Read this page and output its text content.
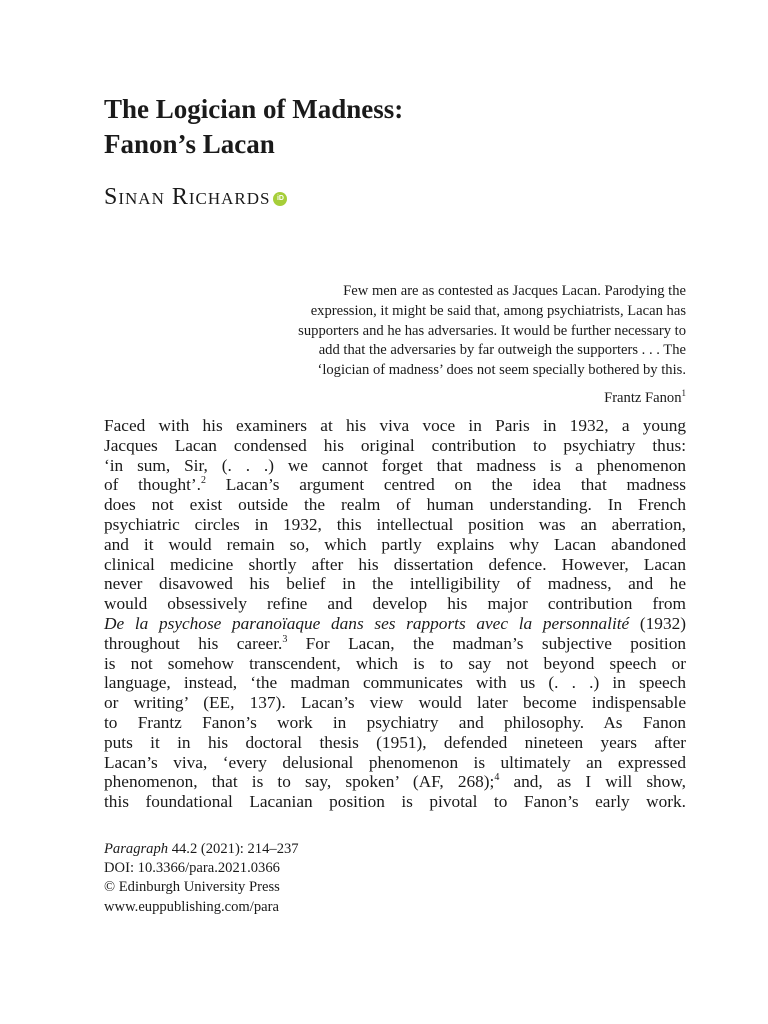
The Logician of Madness:
Fanon’s Lacan
Sinan Richards iD
Few men are as contested as Jacques Lacan. Parodying the
expression, it might be said that, among psychiatrists, Lacan has
supporters and he has adversaries. It would be further necessary to
add that the adversaries by far outweigh the supporters . . . The
‘logician of madness’ does not seem specially bothered by this.
Frantz Fanon$^1$
Faced with his examiners at his viva voce in Paris in 1932, a young
Jacques Lacan condensed his original contribution to psychiatry thus:
‘in sum, Sir, (. . .) we cannot forget that madness is a phenomenon
of thought’.$^2$ Lacan’s argument centred on the idea that madness
does not exist outside the realm of human understanding. In French
psychiatric circles in 1932, this intellectual position was an aberration,
and it would remain so, which partly explains why Lacan abandoned
clinical medicine shortly after his dissertation defence. However, Lacan
never disavowed his belief in the intelligibility of madness, and he
would obsessively refine and develop his major contribution from
De la psychose paranoïaque dans ses rapports avec la personnalité (1932)
throughout his career.$^3$ For Lacan, the madman’s subjective position
is not somehow transcendent, which is to say not beyond speech or
language, instead, ‘the madman communicates with us (. . .) in speech
or writing’ (EE, 137). Lacan’s view would later become indispensable
to Frantz Fanon’s work in psychiatry and philosophy. As Fanon
puts it in his doctoral thesis (1951), defended nineteen years after
Lacan’s viva, ‘every delusional phenomenon is ultimately an expressed
phenomenon, that is to say, spoken’ (AF, 268);$^4$ and, as I will show,
this foundational Lacanian position is pivotal to Fanon’s early work.
Paragraph 44.2 (2021): 214–237
DOI: 10.3366/para.2021.0366
© Edinburgh University Press
www.euppublishing.com/para
